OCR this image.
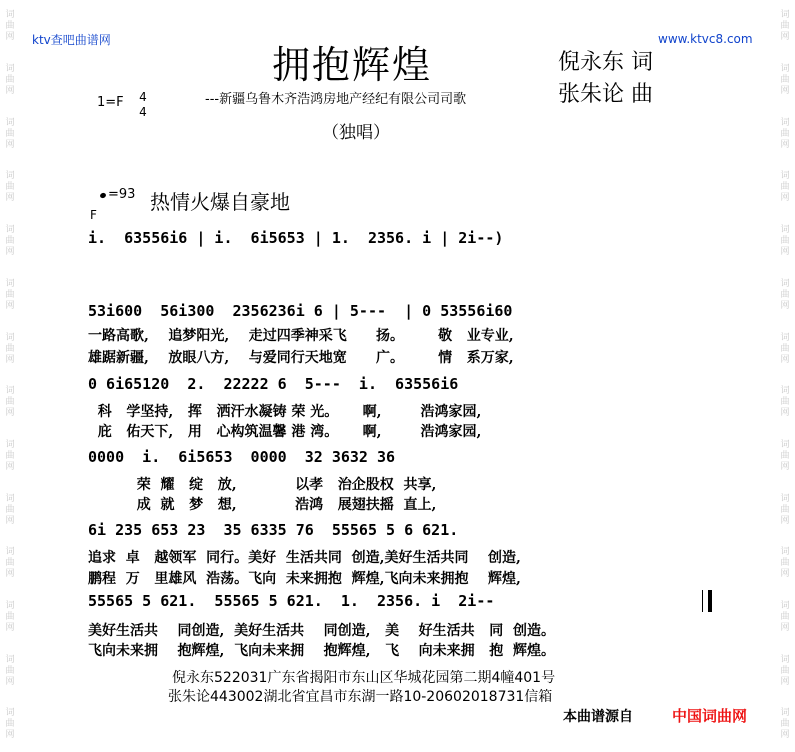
词
曲
网
词
曲
网
词
曲
网
词
曲
网
词
曲
网
词
曲
网
词
曲
网
词
曲
网
词
曲
网
词
曲
网
词
曲
网
词
曲
网
词
曲
网
词
曲
网
词
曲
网
词
曲
网
词
曲
网
词
曲
网
词
曲
网
词
曲
网
词
曲
网
词
曲
网
词
曲
网
词
曲
网
词
曲
网
词
曲
网
词
曲
网
词
曲
网
ktv查吧曲谱网	www.ktvc8.com
拥抱辉煌	倪永东 词
张朱论 曲
---新疆乌鲁木齐浩鸿房地产经纪有限公司司歌
1=F 4
4
（独唱）
=93 热情火爆自豪地
F
i.  63556i6 | i.  6i5653 | 1.  2356. i | 2i--)
53i600  56i300  2356236i 6 | 5---  | 0 53556i60
一路高歌,    追梦阳光,    走过四季神采飞      扬。       敬   业专业,
雄踞新疆,    放眼八方,    与爱同行天地宽      广。       情   系万家,
0 6i65120  2.  22222 6  5---  i.  63556i6
科   学坚持,   挥   洒汗水凝铸 荣 光。     啊,        浩鸿家园,
庇   佑天下,   用   心构筑温馨 港 湾。     啊,        浩鸿家园,
0000  i.  6i5653  0000  32 3632 36
荣  耀   绽   放,            以孝   治企股权  共享,
成  就   梦   想,            浩鸿   展翅扶摇  直上,
6i 235 653 23  35 6335 76  55565 5 6 621.
追求  卓   越领军  同行。美好  生活共同  创造,美好生活共同    创造,
鹏程  万   里雄风  浩荡。飞向  未来拥抱  辉煌,飞向未来拥抱    辉煌,
55565 5 621.  55565 5 621.  1.  2356. i  2i--
美好生活共    同创造,  美好生活共    同创造,   美    好生活共   同  创造。
飞向未来拥    抱辉煌,  飞向未来拥    抱辉煌,   飞    向未来拥   抱  辉煌。
倪永东522031广东省揭阳市东山区华城花园第二期4幢401号
张朱论443002湖北省宜昌市东湖一路10-20602018731信箱
本曲谱源自	中国词曲网
